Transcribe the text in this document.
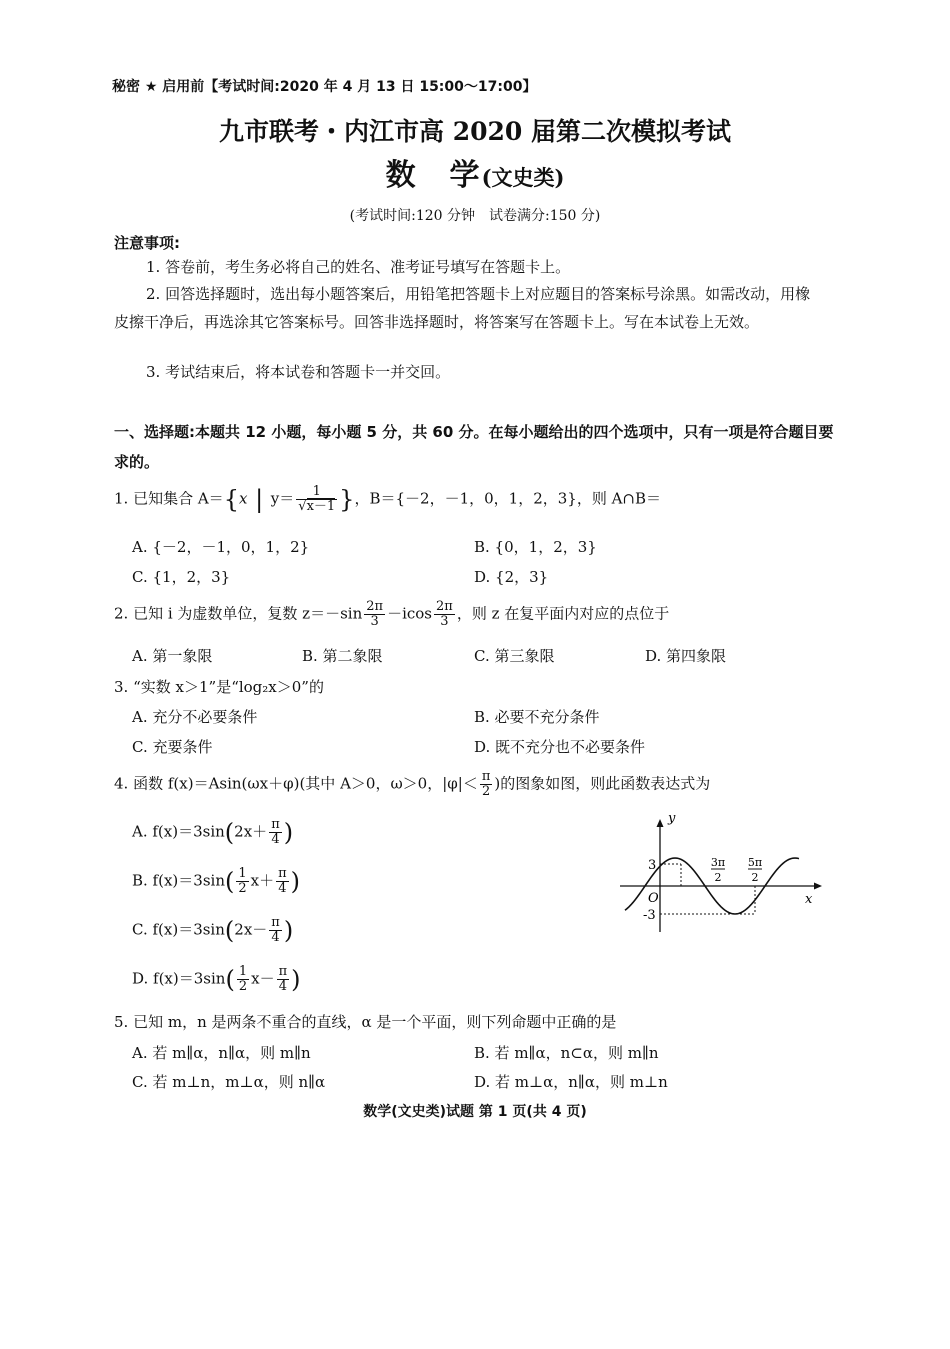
秘密 ★ 启用前【考试时间:2020 年 4 月 13 日 15:00～17:00】
九市联考・内江市高 2020 届第二次模拟考试
数　学(文史类)
(考试时间:120 分钟　试卷满分:150 分)
注意事项:
1. 答卷前，考生务必将自己的姓名、准考证号填写在答题卡上。
2. 回答选择题时，选出每小题答案后，用铅笔把答题卡上对应题目的答案标号涂黑。如需改动，用橡皮擦干净后，再选涂其它答案标号。回答非选择题时，将答案写在答题卡上。写在本试卷上无效。
3. 考试结束后，将本试卷和答题卡一并交回。
一、选择题:本题共 12 小题，每小题 5 分，共 60 分。在每小题给出的四个选项中，只有一项是符合题目要求的。
1. 已知集合 A＝{x | $y= \frac{1}{√x-1}$ }，B＝{－2，－1，0，1，2，3}，则 A∩B＝
A. {－2，－1，0，1，2}	B. {0，1，2，3}
C. {1，2，3}	D. {2，3}
2. 已知 i 为虚数单位，复数 $z=-\sin \frac{2\pi}{3} -icos \frac{2\pi}{3}$ ，则 z 在复平面内对应的点位于
A. 第一象限	B. 第二象限	C. 第三象限	D. 第四象限
3. “实数 x＞1”是“log₂x＞0”的
A. 充分不必要条件	B. 必要不充分条件
C. 充要条件	D. 既不充分也不必要条件
4. 函数 f(x)＝Asin(ωx＋φ)(其中 A＞0，ω＞0，$|\varphi|< \frac{\pi}{2}$ )的图象如图，则此函数表达式为
A. $f(x)=3\sin(2x+ \frac{\pi}{4}$ )
B. $f(x)=3\sin( \frac{1}{2} x+ \frac{\pi}{4}$ )
C. $f(x)=3\sin(2x- \frac{\pi}{4}$ )
D. $f(x)=3\sin( \frac{1}{2} x- \frac{\pi}{4}$ )
y
x
O
3
-3
3π
2
5π
2
5. 已知 m，n 是两条不重合的直线，α 是一个平面，则下列命题中正确的是
A. 若 m∥α，n∥α，则 m∥n	B. 若 m∥α，n⊂α，则 m∥n
C. 若 m⊥n，m⊥α，则 n∥α	D. 若 m⊥α，n∥α，则 m⊥n
数学(文史类)试题 第 1 页(共 4 页)
